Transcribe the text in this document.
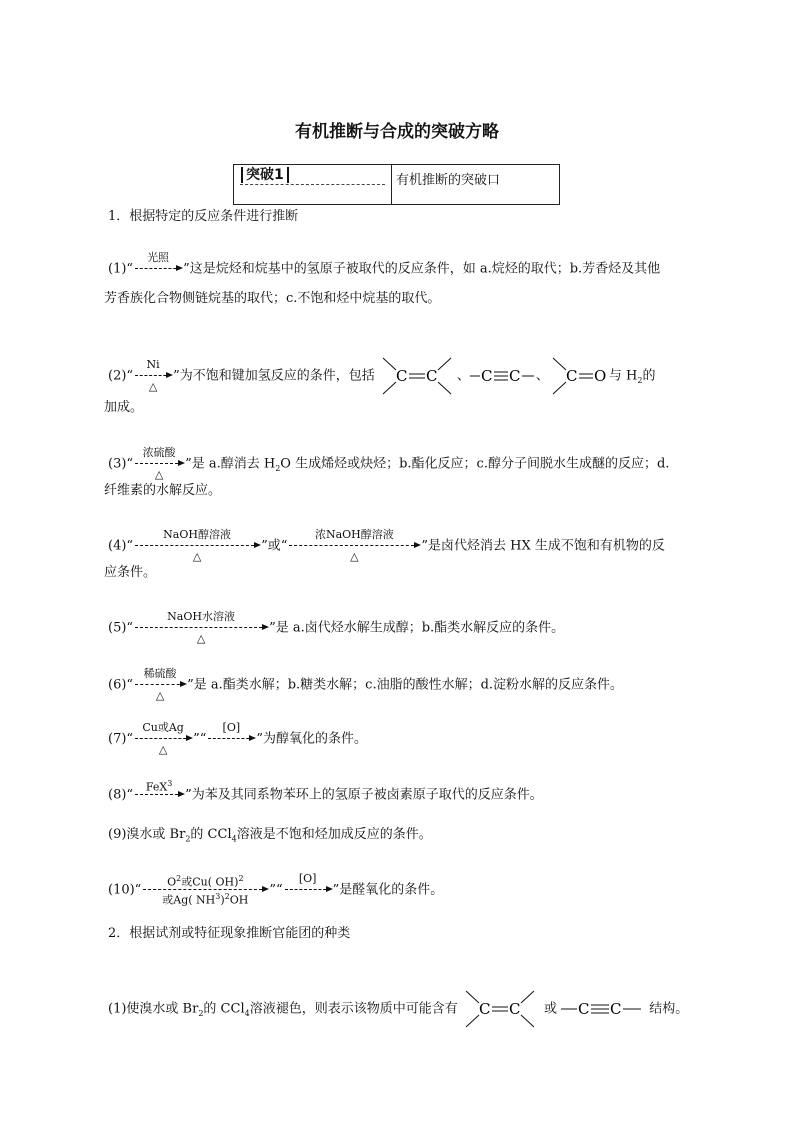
有机推断与合成的突破方略
突破1	有机推断的突破口
1．根据特定的反应条件进行推断
(1)“
光照
”这是烷烃和烷基中的氢原子被取代的反应条件，如 a.烷烃的取代；b.芳香烃及其他
芳香族化合物侧链烷基的取代；c.不饱和烃中烷基的取代。
(2)“
Ni
△
”为不饱和键加氢反应的条件，包括 C C 、 C C 、 C O 与 $H_2$的
加成。
(3)“
浓硫酸
△
”是 a.醇消去 $H_2O$ 生成烯烃或炔烃；b.酯化反应；c.醇分子间脱水生成醚的反应；d.
纤维素的水解反应。
(4)“
NaOH醇溶液
△
”或“
浓NaOH醇溶液
△
”是卤代烃消去 HX 生成不饱和有机物的反
应条件。
(5)“
NaOH水溶液
△
”是 a.卤代烃水解生成醇；b.酯类水解反应的条件。
(6)“
稀硫酸
△
”是 a.酯类水解；b.糖类水解；c.油脂的酸性水解；d.淀粉水解的反应条件。
(7)“
Cu或Ag
△
”“
[O]
”为醇氧化的条件。
(8)“
FeX$^3$
”为苯及其同系物苯环上的氢原子被卤素原子取代的反应条件。
(9)溴水或 $Br_2$的 CCl$_4$溶液是不饱和烃加成反应的条件。
(10)“
$O^2$或Cu( OH)$^2$
或Ag( $NH^3)^2OH$
”“
[O]
”是醛氧化的条件。
2．根据试剂或特征现象推断官能团的种类
(1)使溴水或 $Br_2$的 CCl$_4$溶液褪色，则表示该物质中可能含有 C C 或 C C 结构。
